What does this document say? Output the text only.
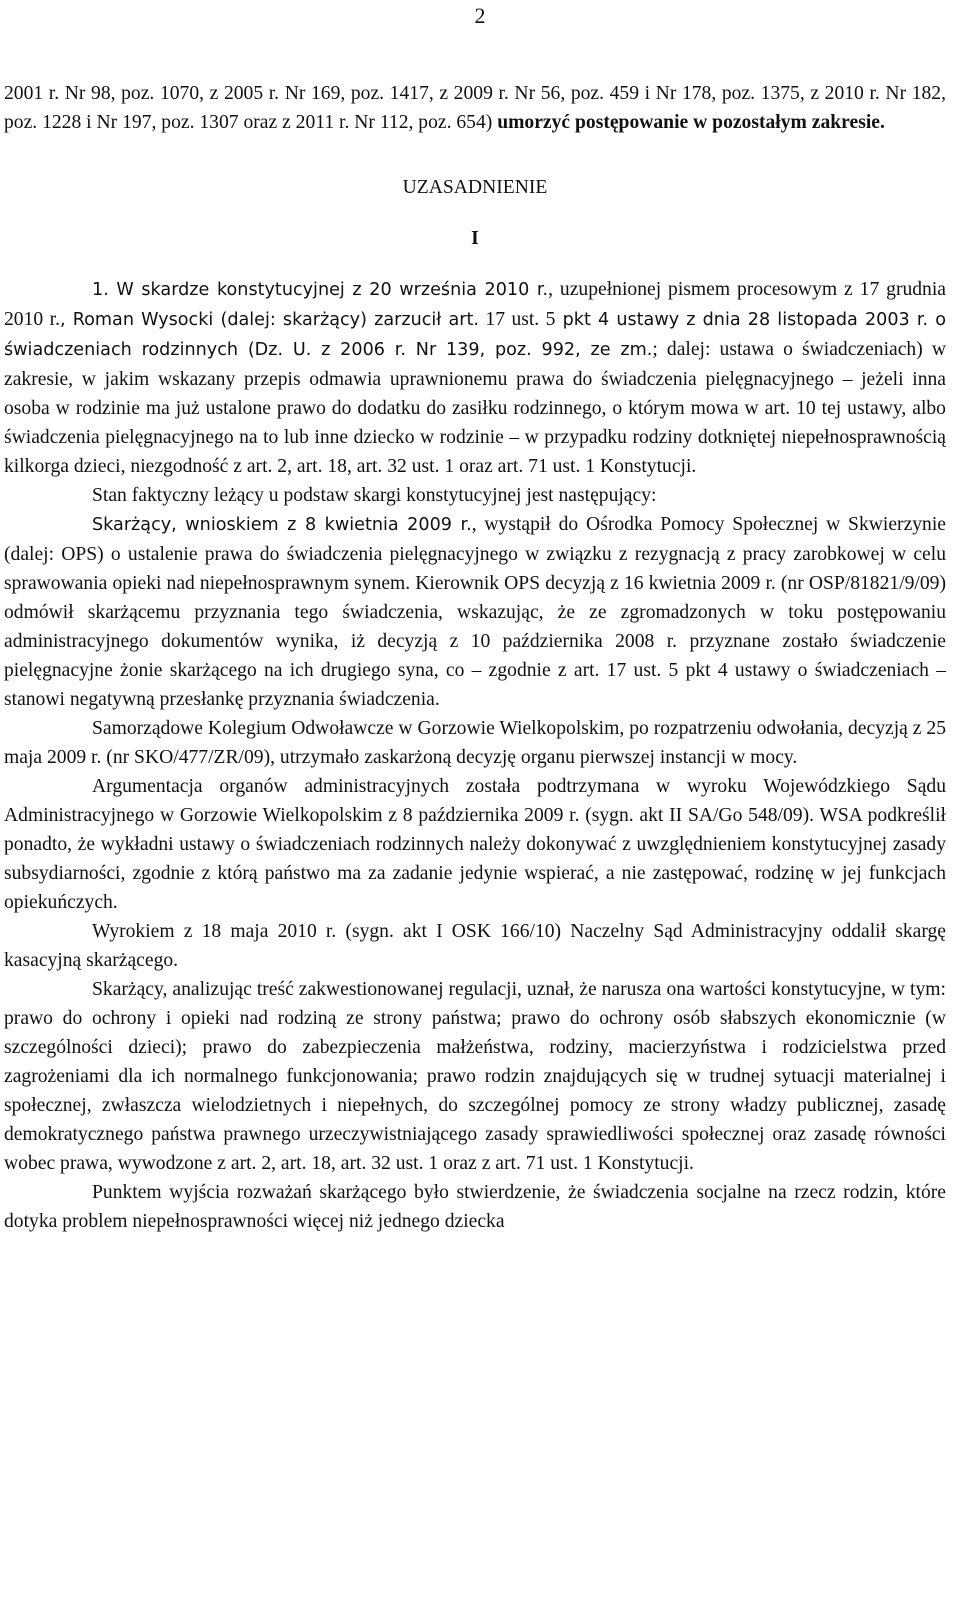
2

2001 r. Nr 98, poz. 1070, z 2005 r. Nr 169, poz. 1417, z 2009 r. Nr 56, poz. 459 i Nr 178, poz. 1375, z 2010 r. Nr 182, poz. 1228 i Nr 197, poz. 1307 oraz z 2011 r. Nr 112, poz. 654) umorzyć postępowanie w pozostałym zakresie.

UZASADNIENIE
I

1. W skardze konstytucyjnej z 20 września 2010 r., uzupełnionej pismem procesowym z 17 grudnia 2010 r., Roman Wysocki (dalej: skarżący) zarzucił art. 17 ust. 5 pkt 4 ustawy z dnia 28 listopada 2003 r. o świadczeniach rodzinnych (Dz. U. z 2006 r. Nr 139, poz. 992, ze zm.; dalej: ustawa o świadczeniach) w zakresie, w jakim wskazany przepis odmawia uprawnionemu prawa do świadczenia pielęgnacyjnego – jeżeli inna osoba w rodzinie ma już ustalone prawo do dodatku do zasiłku rodzinnego, o którym mowa w art. 10 tej ustawy, albo świadczenia pielęgnacyjnego na to lub inne dziecko w rodzinie – w przypadku rodziny dotkniętej niepełnosprawnością kilkorga dzieci, niezgodność z art. 2, art. 18, art. 32 ust. 1 oraz art. 71 ust. 1 Konstytucji.

Stan faktyczny leżący u podstaw skargi konstytucyjnej jest następujący:

Skarżący, wnioskiem z 8 kwietnia 2009 r., wystąpił do Ośrodka Pomocy Społecznej w Skwierzynie (dalej: OPS) o ustalenie prawa do świadczenia pielęgnacyjnego w związku z rezygnacją z pracy zarobkowej w celu sprawowania opieki nad niepełnosprawnym synem. Kierownik OPS decyzją z 16 kwietnia 2009 r. (nr OSP/81821/9/09) odmówił skarżącemu przyznania tego świadczenia, wskazując, że ze zgromadzonych w toku postępowaniu administracyjnego dokumentów wynika, iż decyzją z 10 października 2008 r. przyznane zostało świadczenie pielęgnacyjne żonie skarżącego na ich drugiego syna, co – zgodnie z art. 17 ust. 5 pkt 4 ustawy o świadczeniach – stanowi negatywną przesłankę przyznania świadczenia.

Samorządowe Kolegium Odwoławcze w Gorzowie Wielkopolskim, po rozpatrzeniu odwołania, decyzją z 25 maja 2009 r. (nr SKO/477/ZR/09), utrzymało zaskarżoną decyzję organu pierwszej instancji w mocy.

Argumentacja organów administracyjnych została podtrzymana w wyroku Wojewódzkiego Sądu Administracyjnego w Gorzowie Wielkopolskim z 8 października 2009 r. (sygn. akt II SA/Go 548/09). WSA podkreślił ponadto, że wykładni ustawy o świadczeniach rodzinnych należy dokonywać z uwzględnieniem konstytucyjnej zasady subsydiarności, zgodnie z którą państwo ma za zadanie jedynie wspierać, a nie zastępować, rodzinę w jej funkcjach opiekuńczych.

Wyrokiem z 18 maja 2010 r. (sygn. akt I OSK 166/10) Naczelny Sąd Administracyjny oddalił skargę kasacyjną skarżącego.

Skarżący, analizując treść zakwestionowanej regulacji, uznał, że narusza ona wartości konstytucyjne, w tym: prawo do ochrony i opieki nad rodziną ze strony państwa; prawo do ochrony osób słabszych ekonomicznie (w szczególności dzieci); prawo do zabezpieczenia małżeństwa, rodziny, macierzyństwa i rodzicielstwa przed zagrożeniami dla ich normalnego funkcjonowania; prawo rodzin znajdujących się w trudnej sytuacji materialnej i społecznej, zwłaszcza wielodzietnych i niepełnych, do szczególnej pomocy ze strony władzy publicznej, zasadę demokratycznego państwa prawnego urzeczywistniającego zasady sprawiedliwości społecznej oraz zasadę równości wobec prawa, wywodzone z art. 2, art. 18, art. 32 ust. 1 oraz z art. 71 ust. 1 Konstytucji.

Punktem wyjścia rozważań skarżącego było stwierdzenie, że świadczenia socjalne na rzecz rodzin, które dotyka problem niepełnosprawności więcej niż jednego dziecka
